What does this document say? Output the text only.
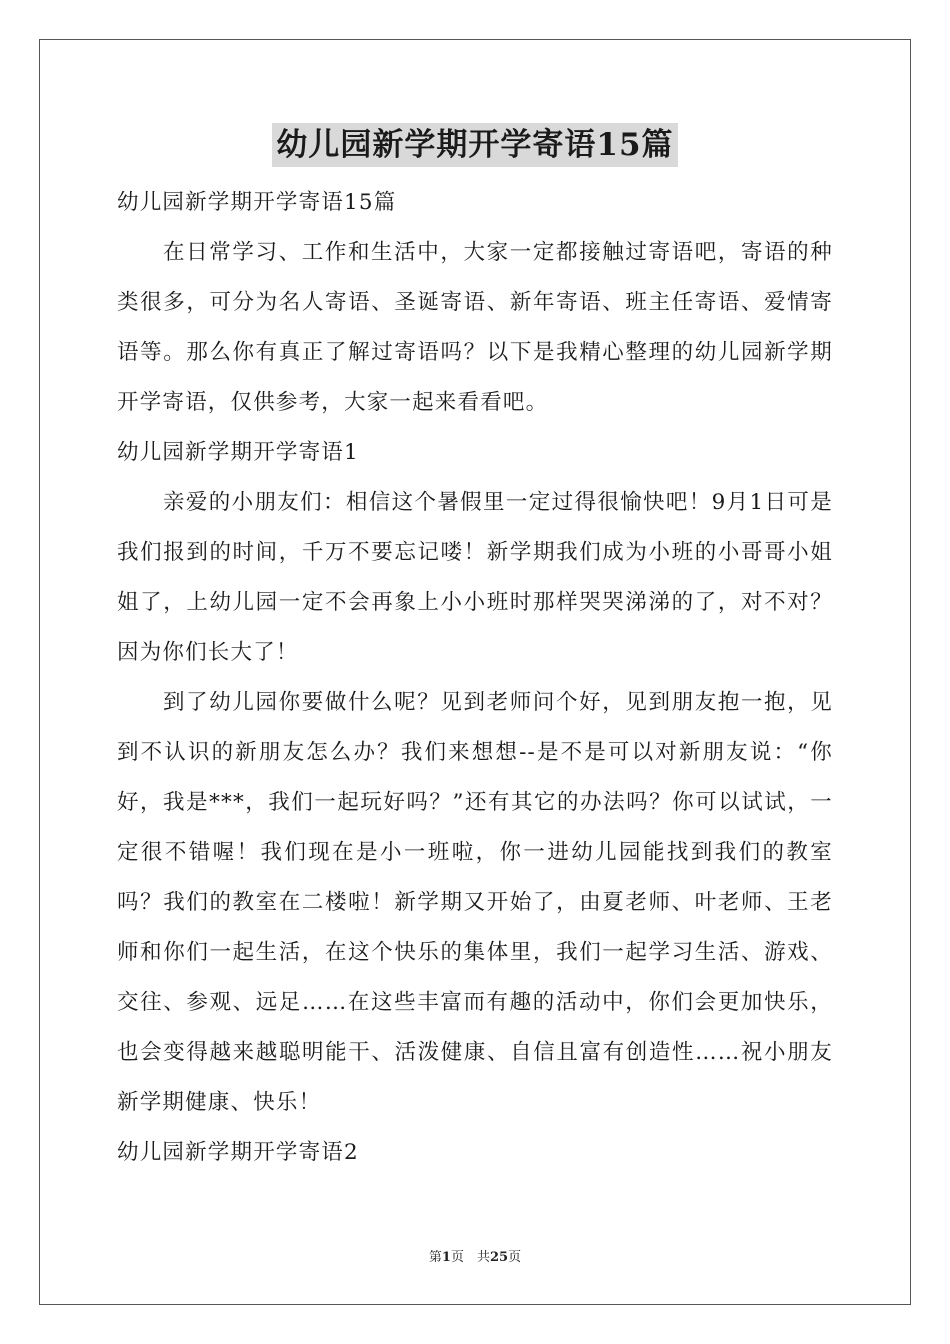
幼儿园新学期开学寄语15篇

幼儿园新学期开学寄语15篇

在日常学习、工作和生活中，大家一定都接触过寄语吧，寄语的种类很多，可分为名人寄语、圣诞寄语、新年寄语、班主任寄语、爱情寄语等。那么你有真正了解过寄语吗？以下是我精心整理的幼儿园新学期开学寄语，仅供参考，大家一起来看看吧。

幼儿园新学期开学寄语1

亲爱的小朋友们：相信这个暑假里一定过得很愉快吧！9月1日可是我们报到的时间，千万不要忘记喽！新学期我们成为小班的小哥哥小姐姐了，上幼儿园一定不会再象上小小班时那样哭哭涕涕的了，对不对？因为你们长大了！

到了幼儿园你要做什么呢？见到老师问个好，见到朋友抱一抱，见到不认识的新朋友怎么办？我们来想想--是不是可以对新朋友说：“你好，我是***，我们一起玩好吗？”还有其它的办法吗？你可以试试，一定很不错喔！我们现在是小一班啦，你一进幼儿园能找到我们的教室吗？我们的教室在二楼啦！新学期又开始了，由夏老师、叶老师、王老师和你们一起生活，在这个快乐的集体里，我们一起学习生活、游戏、交往、参观、远足……在这些丰富而有趣的活动中，你们会更加快乐，也会变得越来越聪明能干、活泼健康、自信且富有创造性……祝小朋友新学期健康、快乐！

幼儿园新学期开学寄语2

第1页　共25页
